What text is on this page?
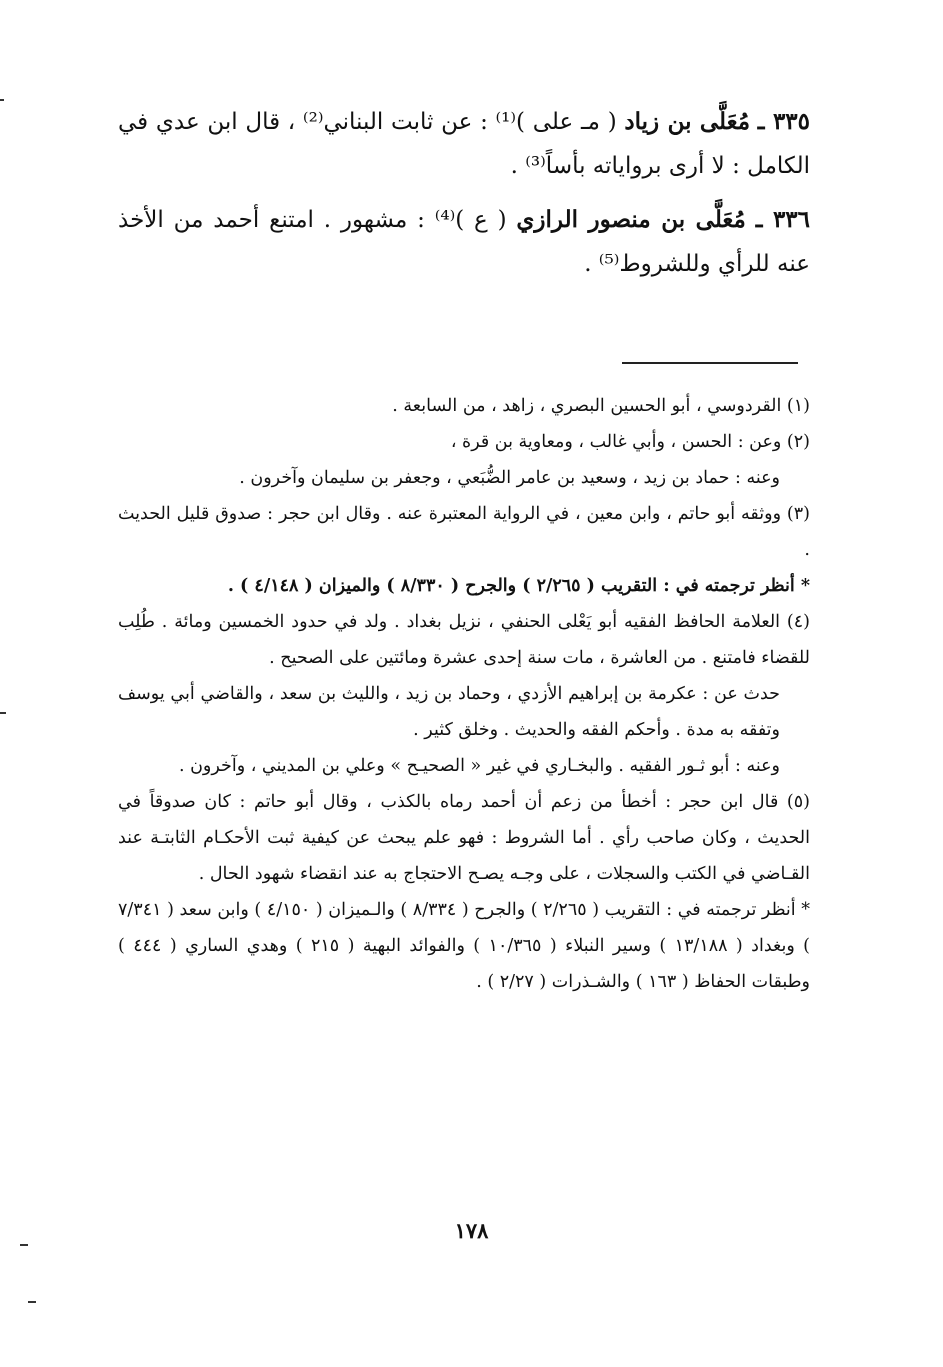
٣٣٥ ـ مُعَلَّى بن زياد ( مـ على )⁽¹⁾ : عن ثابت البناني⁽²⁾ ، قال ابن عدي في الكامل : لا أرى برواياته بأساً⁽³⁾ .

٣٣٦ ـ مُعَلَّى بن منصور الرازي ( ع )⁽⁴⁾ : مشهور . امتنع أحمد من الأخذ عنه للرأي وللشروط⁽⁵⁾ .

(١) القردوسي ، أبو الحسين البصري ، زاهد ، من السابعة .

(٢) وعن : الحسن ، وأبي غالب ، ومعاوية بن قرة ،

وعنه : حماد بن زيد ، وسعيد بن عامر الضُّبَعي ، وجعفر بن سليمان وآخرون .

(٣) ووثقه أبو حاتم ، وابن معين ، في الرواية المعتبرة عنه . وقال ابن حجر : صدوق قليل الحديث .

* أنظر ترجمته في : التقريب ( ٢/٢٦٥ ) والجرح ( ٨/٣٣٠ ) والميزان ( ٤/١٤٨ ) .

(٤) العلامة الحافظ الفقيه أبو يَعْلى الحنفي ، نزيل بغداد . ولد في حدود الخمسين ومائة . طُلِب للقضاء فامتنع . من العاشرة ، مات سنة إحدى عشرة ومائتين على الصحيح .

حدث عن : عكرمة بن إبراهيم الأزدي ، وحماد بن زيد ، والليث بن سعد ، والقاضي أبي يوسف وتفقه به مدة . وأحكم الفقه والحديث . وخلق كثير .

وعنه : أبو ثـور الفقيه . والبخـاري في غير « الصحيـح » وعلي بن المديني ، وآخرون .

(٥) قال ابن حجر : أخطأ من زعم أن أحمد رماه بالكذب ، وقال أبو حاتم : كان صدوقاً في الحديث ، وكان صاحب رأي . أما الشروط : فهو علم يبحث عن كيفية ثبت الأحكـام الثابتـة عند القـاضي في الكتب والسجلات ، على وجـه يصـح الاحتجاج به عند انقضاء شهود الحال .

* أنظر ترجمته في : التقريب ( ٢/٢٦٥ ) والجرح ( ٨/٣٣٤ ) والـميزان ( ٤/١٥٠ ) وابن سعد ( ٧/٣٤١ ) وبغداد ( ١٣/١٨٨ ) وسير النبلاء ( ١٠/٣٦٥ ) والفوائد البهية ( ٢١٥ ) وهدي الساري ( ٤٤٤ ) وطبقات الحفاظ ( ١٦٣ ) والشـذرات ( ٢/٢٧ ) .

١٧٨
